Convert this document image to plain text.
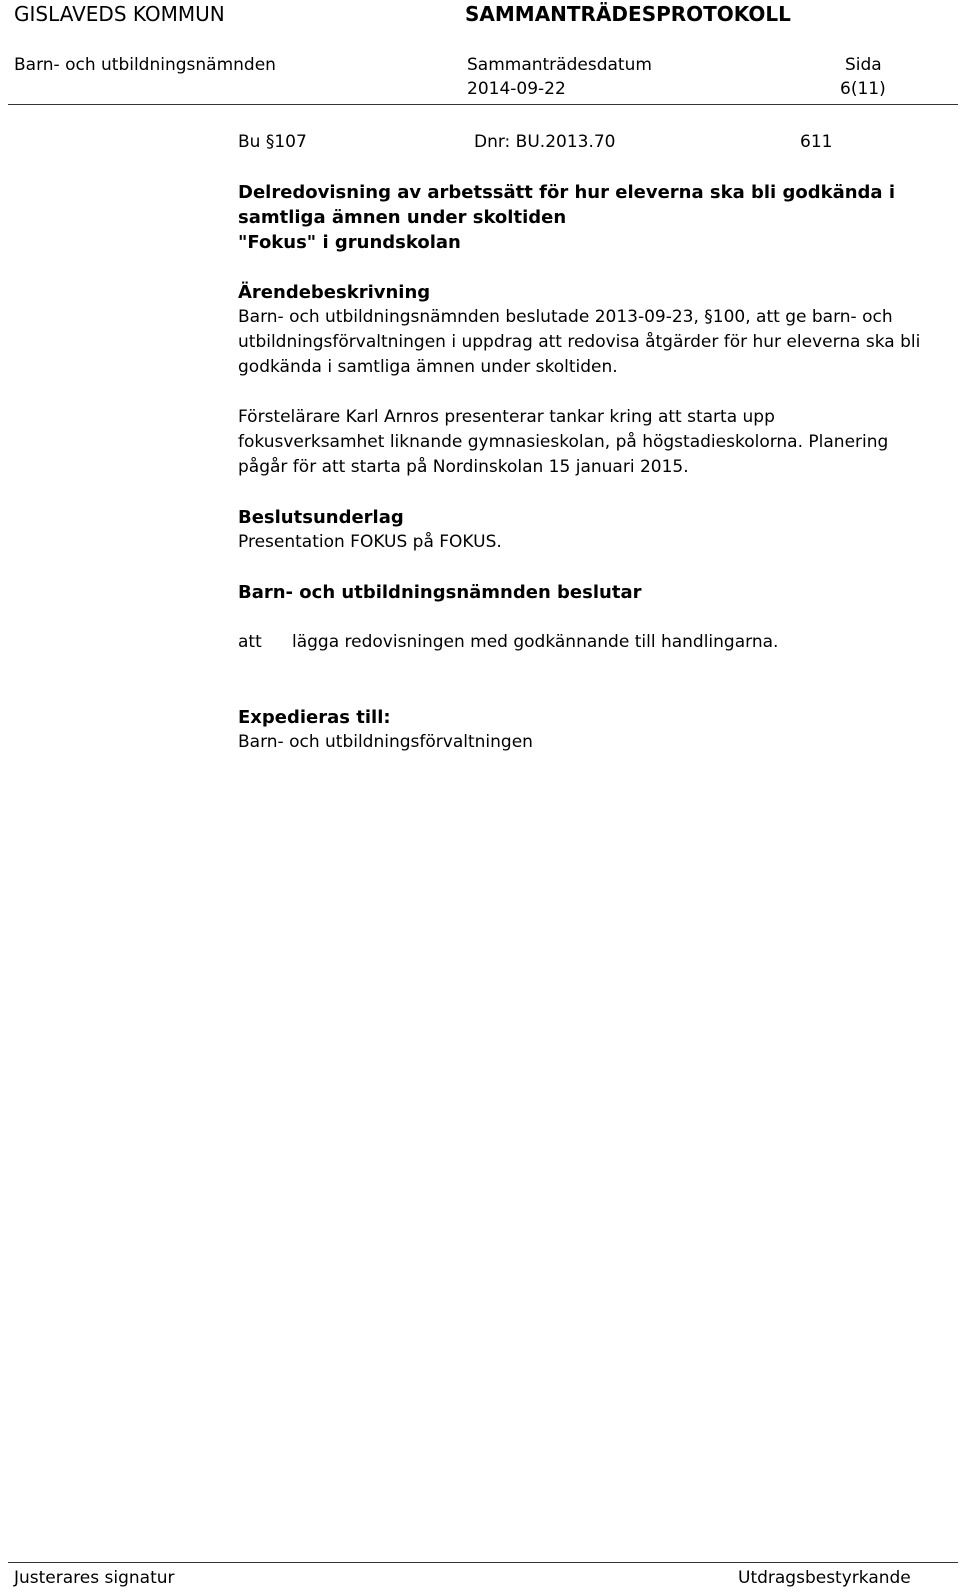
GISLAVEDS KOMMUN	SAMMANTRÄDESPROTOKOLL
Barn- och utbildningsnämnden	Sammanträdesdatum
2014-09-22
Sida
6(11)
Bu §107	Dnr: BU.2013.70	611

Delredovisning av arbetssätt för hur eleverna ska bli godkända i

samtliga ämnen under skoltiden

"Fokus" i grundskolan

Ärendebeskrivning

Barn- och utbildningsnämnden beslutade 2013-09-23, §100, att ge barn- och

utbildningsförvaltningen i uppdrag att redovisa åtgärder för hur eleverna ska bli

godkända i samtliga ämnen under skoltiden.

Förstelärare Karl Arnros presenterar tankar kring att starta upp

fokusverksamhet liknande gymnasieskolan, på högstadieskolorna. Planering

pågår för att starta på Nordinskolan 15 januari 2015.

Beslutsunderlag

Presentation FOKUS på FOKUS.

Barn- och utbildningsnämnden beslutar

att lägga redovisningen med godkännande till handlingarna.

Expedieras till:

Barn- och utbildningsförvaltningen

Justerares signatur	Utdragsbestyrkande
